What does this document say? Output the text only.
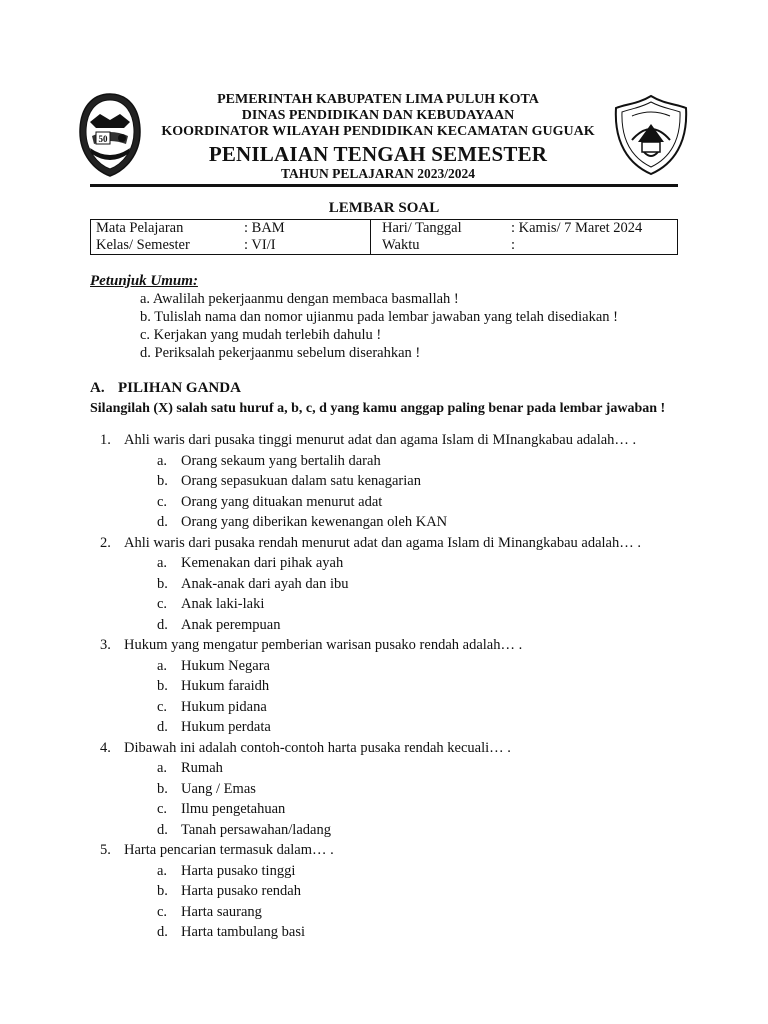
50
PEMERINTAH KABUPATEN LIMA PULUH KOTA
DINAS PENDIDIKAN DAN KEBUDAYAAN
KOORDINATOR WILAYAH PENDIDIKAN KECAMATAN GUGUAK
PENILAIAN TENGAH SEMESTER
TAHUN PELAJARAN 2023/2024
LEMBAR SOAL
Mata Pelajaran	: BAM
Kelas/ Semester	: VI/I
Hari/ Tanggal	: Kamis/ 7 Maret 2024
Waktu	:
Petunjuk Umum:
a. Awalilah pekerjaanmu dengan membaca basmallah !
b. Tulislah nama dan nomor ujianmu pada lembar jawaban yang telah disediakan !
c. Kerjakan yang mudah terlebih dahulu !
d. Periksalah pekerjaanmu sebelum diserahkan !
A. PILIHAN GANDA
Silangilah (X) salah satu huruf a, b, c, d yang kamu anggap paling benar pada lembar jawaban !
1. Ahli waris dari pusaka tinggi menurut adat dan agama Islam di MInangkabau adalah… .
a. Orang sekaum yang bertalih darah
b. Orang sepasukuan dalam satu kenagarian
c. Orang yang dituakan menurut adat
d. Orang yang diberikan kewenangan oleh KAN
2. Ahli waris dari pusaka rendah menurut adat dan agama Islam di Minangkabau adalah… .
a. Kemenakan dari pihak ayah
b. Anak-anak dari ayah dan ibu
c. Anak laki-laki
d. Anak perempuan
3. Hukum yang mengatur pemberian warisan pusako rendah adalah… .
a. Hukum Negara
b. Hukum faraidh
c. Hukum pidana
d. Hukum perdata
4. Dibawah ini adalah contoh-contoh harta pusaka rendah kecuali… .
a. Rumah
b. Uang / Emas
c. Ilmu pengetahuan
d. Tanah persawahan/ladang
5. Harta pencarian termasuk dalam… .
a. Harta pusako tinggi
b. Harta pusako rendah
c. Harta saurang
d. Harta tambulang basi
